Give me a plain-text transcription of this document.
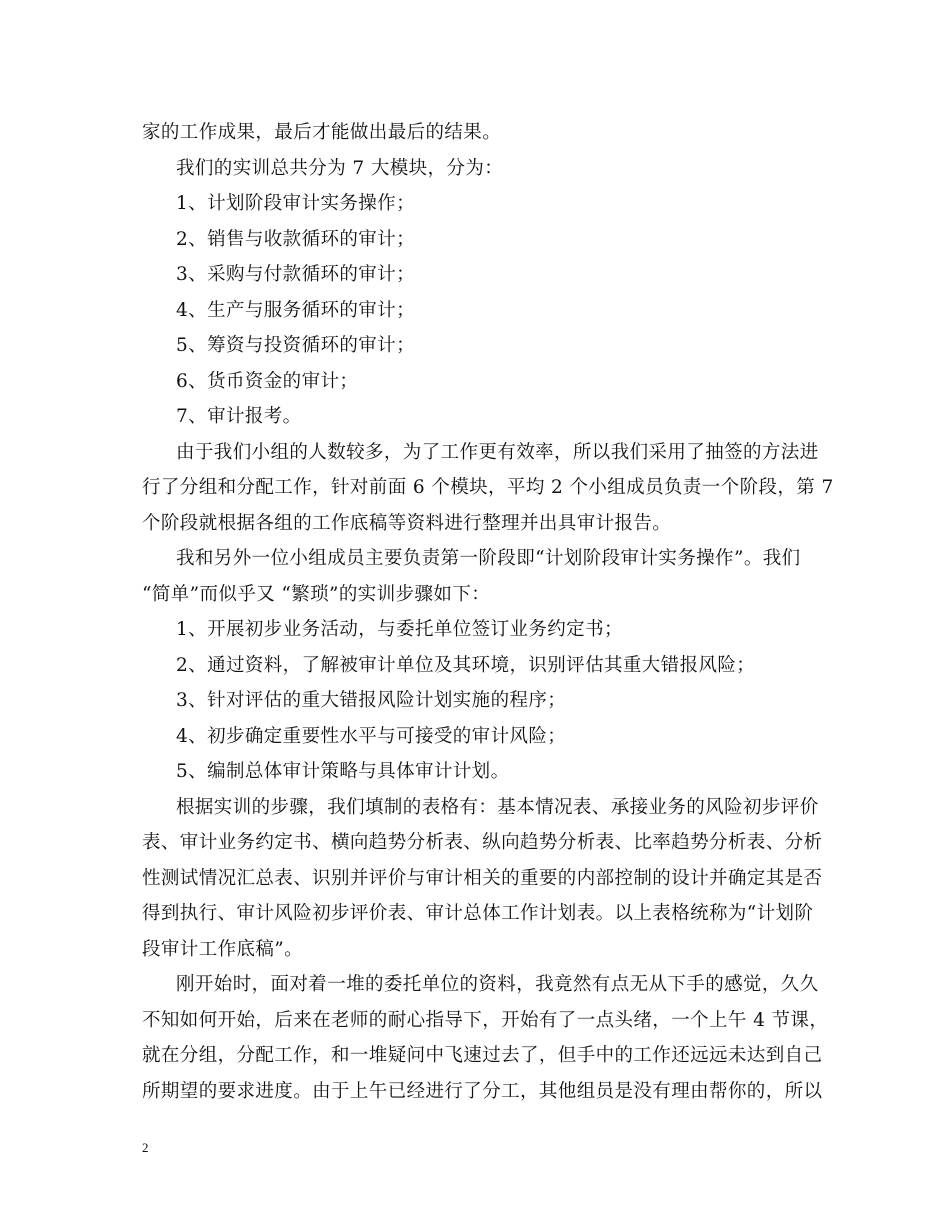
家的工作成果，最后才能做出最后的结果。
我们的实训总共分为 7 大模块，分为：
1、计划阶段审计实务操作；
2、销售与收款循环的审计；
3、采购与付款循环的审计；
4、生产与服务循环的审计；
5、筹资与投资循环的审计；
6、货币资金的审计；
7、审计报考。
由于我们小组的人数较多，为了工作更有效率，所以我们采用了抽签的方法进
行了分组和分配工作，针对前面 6 个模块，平均 2 个小组成员负责一个阶段，第 7
个阶段就根据各组的工作底稿等资料进行整理并出具审计报告。
我和另外一位小组成员主要负责第一阶段即“计划阶段审计实务操作”。我们
“简单”而似乎又 “繁琐”的实训步骤如下：
1、开展初步业务活动，与委托单位签订业务约定书；
2、通过资料，了解被审计单位及其环境，识别评估其重大错报风险；
3、针对评估的重大错报风险计划实施的程序；
4、初步确定重要性水平与可接受的审计风险；
5、编制总体审计策略与具体审计计划。
根据实训的步骤，我们填制的表格有：基本情况表、承接业务的风险初步评价
表、审计业务约定书、横向趋势分析表、纵向趋势分析表、比率趋势分析表、分析
性测试情况汇总表、识别并评价与审计相关的重要的内部控制的设计并确定其是否
得到执行、审计风险初步评价表、审计总体工作计划表。以上表格统称为“计划阶
段审计工作底稿”。
刚开始时，面对着一堆的委托单位的资料，我竟然有点无从下手的感觉，久久
不知如何开始，后来在老师的耐心指导下，开始有了一点头绪，一个上午 4 节课，
就在分组，分配工作，和一堆疑问中飞速过去了，但手中的工作还远远未达到自己
所期望的要求进度。由于上午已经进行了分工，其他组员是没有理由帮你的，所以
2
